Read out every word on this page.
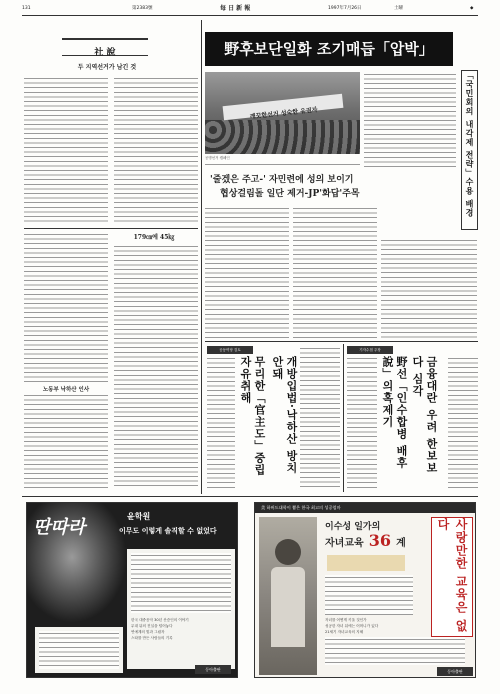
131	第2383號	每 日 新 報	1997年7月26日	土曜	◆
社 說
두 지역선거가 남긴 것
179㎝에 45㎏
노동부 낙하산 인사
野후보단일화 조기매듭「압박」
「국민회의 내각제 전략」수용 배경
깨끗한선거 성숙한 유권자
공명선거 캠페인
'줄겠은 주고-' 자민련에 성의 보이기
협상걸림돌 일단 제거-JP'화답'주목
공동여당 검토
무리한「官主도」중립 자유취해	개방입법·낙하산 방치안돼
기자수첩 주장
금융대란 우려 한보보다 심각
野선「인수합병 배후說」의혹제기
딴따라
윤학원
이무도 이렇게 솔직할 수 없었다
한국 대중음악 30년 산증인의 이야기
무대 뒤의 진실을 털어놓다
연예계의 빛과 그림자
스타를 만든 사람들의 기록
동아출판
美 하버드대학이 뽑은 한국 최고의 성공엄마
이수성 일가의
자녀교육 36 계
자녀를 어떻게 키울 것인가
성공한 자녀 뒤에는 어머니가 있다
21세기 자녀교육의 지혜	사랑만한 교육은 없다
동아출판
